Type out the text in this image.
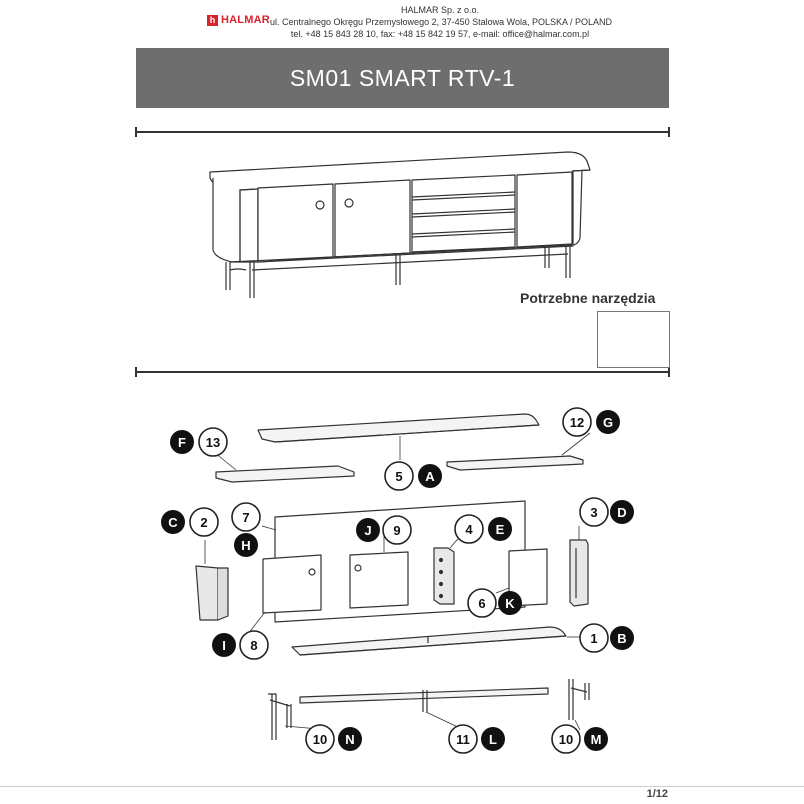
h HALMAR
HALMAR Sp. z o.o.
ul. Centralnego Okręgu Przemysłowego 2, 37-450 Stalowa Wola, POLSKA / POLAND
tel. +48 15 843 28 10, fax: +48 15 842 19 57, e-mail: office@halmar.com.pl
SM01 SMART RTV-1
13
F
12 G
5 A
2
C	7
H
9
J	4 E
3 D
6 K
8
I	1 B
10 N	11 L	10 M
Potrzebne narzędzia
1/12
